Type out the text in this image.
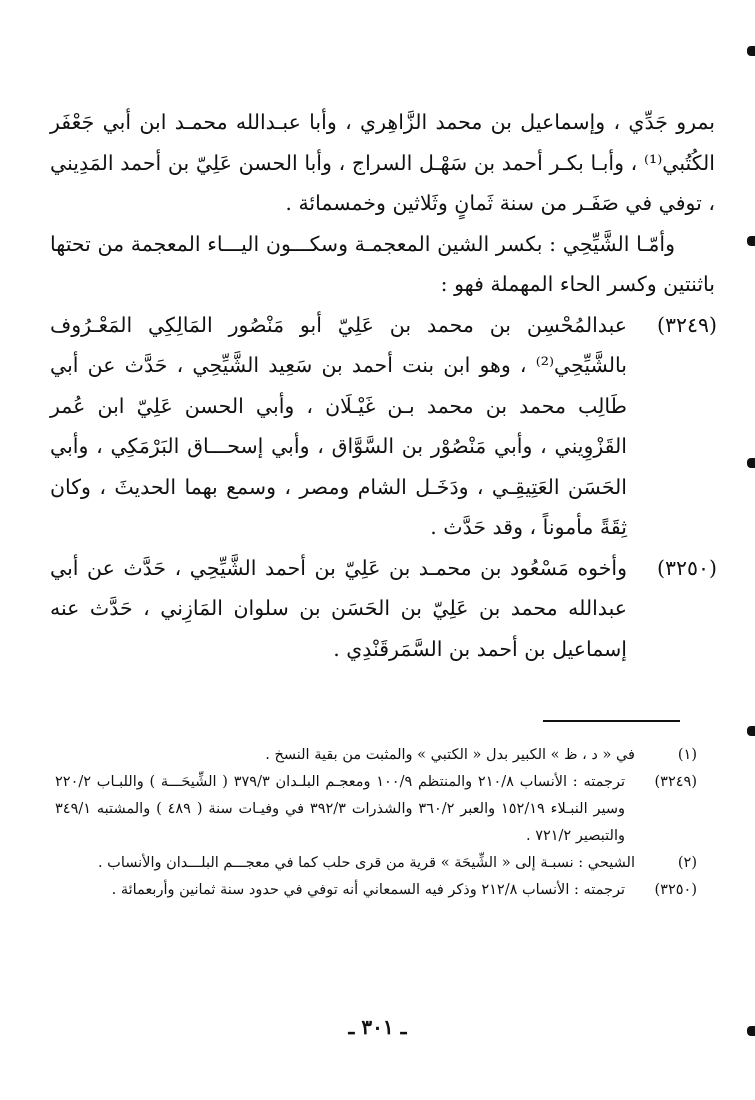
بمرو جَدِّي ، وإسماعيل بن محمد الزَّاهِري ، وأبا عبـدالله محمـد ابن أبي جَعْفَر الكُتُبي⁽¹⁾ ، وأبـا بكـر أحمد بن سَهْـل السراج ، وأبا الحسن عَلِيّ بن أحمد المَدِيني ، توفي في صَفَـر من سنة ثَمانٍ وثَلاثين وخمسمائة .

وأمّـا الشَّيِّحِي : بكسر الشين المعجمـة وسكـــون اليـــاء المعجمة من تحتها باثنتين وكسر الحاء المهملة فهو :

(٣٢٤٩)

عبدالمُحْسِن بن محمد بن عَلِيّ أبو مَنْصُور المَالِكِي المَعْـرُوف بالشَّيِّحِي⁽²⁾ ، وهو ابن بنت أحمد بن سَعِيد الشَّيِّحِي ، حَدَّث عن أبي طَالِب محمد بن محمد بـن غَيْـلَان ، وأبي الحسن عَلِيّ ابن عُمر القَزْوِيني ، وأبي مَنْصُوْر بن السَّوَّاق ، وأبي إسحـــاق البَرْمَكِي ، وأبي الحَسَن العَتِيقِـي ، ودَخَـل الشام ومصر ، وسمع بهما الحديثَ ، وكان ثِقَةً مأموناً ، وقد حَدَّث .

(٣٢٥٠)

وأخوه مَسْعُود بن محمـد بن عَلِيّ بن أحمد الشَّيِّحِي ، حَدَّث عن أبي عبدالله محمد بن عَلِيّ بن الحَسَن بن سلوان المَازِني ، حَدَّث عنه إسماعيل بن أحمد بن السَّمَرقَنْدِي .

(١)

في « د ، ظ » الكبير بدل « الكتبي » والمثبت من بقية النسخ .

(٣٢٤٩)

ترجمته : الأنساب ٢١٠/٨ والمنتظم ١٠٠/٩ ومعجـم البلـدان ٣٧٩/٣ ( الشِّيحَـــة ) واللبـاب ٢٢٠/٢ وسير النبـلاء ١٥٢/١٩ والعبر ٣٦٠/٢ والشذرات ٣٩٢/٣ في وفيـات سنة ( ٤٨٩ ) والمشتبه ٣٤٩/١ والتبصير ٧٢١/٢ .

(٢)

الشيحي : نسبـة إلى « الشِّيحَة » قرية من قرى حلب كما في معجـــم البلـــدان والأنساب .

(٣٢٥٠)

ترجمته : الأنساب ٢١٢/٨ وذكر فيه السمعاني أنه توفي في حدود سنة ثمانين وأربعمائة .

ـ ٣٠١ ـ
